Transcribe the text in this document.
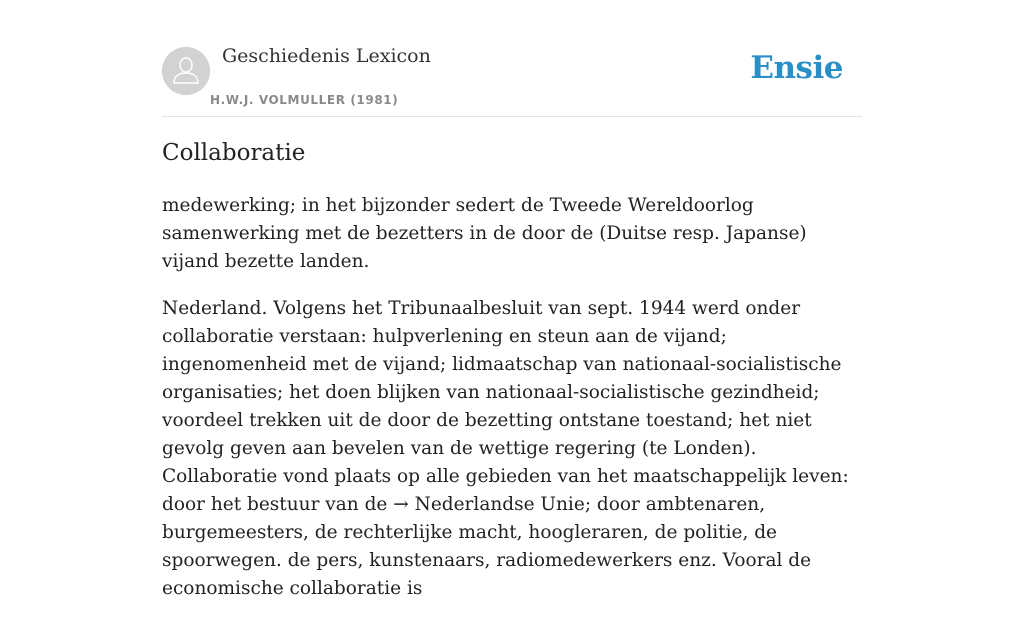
Geschiedenis Lexicon
H.W.J. VOLMULLER (1981)
Ensie
Collaboratie

medewerking; in het bijzonder sedert de Tweede Wereldoorlog samenwerking met de bezetters in de door de (Duitse resp. Japanse) vijand bezette landen.

Nederland. Volgens het Tribunaalbesluit van sept. 1944 werd onder collaboratie verstaan: hulpverlening en steun aan de vijand; ingenomenheid met de vijand; lidmaatschap van nationaal-socialistische organisaties; het doen blijken van nationaal-socialistische gezindheid; voordeel trekken uit de door de bezetting ontstane toestand; het niet gevolg geven aan bevelen van de wettige regering (te Londen). Collaboratie vond plaats op alle gebieden van het maatschappelijk leven: door het bestuur van de → Nederlandse Unie; door ambtenaren, burgemeesters, de rechterlijke macht, hoogleraren, de politie, de spoorwegen. de pers, kunstenaars, radiomedewerkers enz. Vooral de economische collaboratie is
